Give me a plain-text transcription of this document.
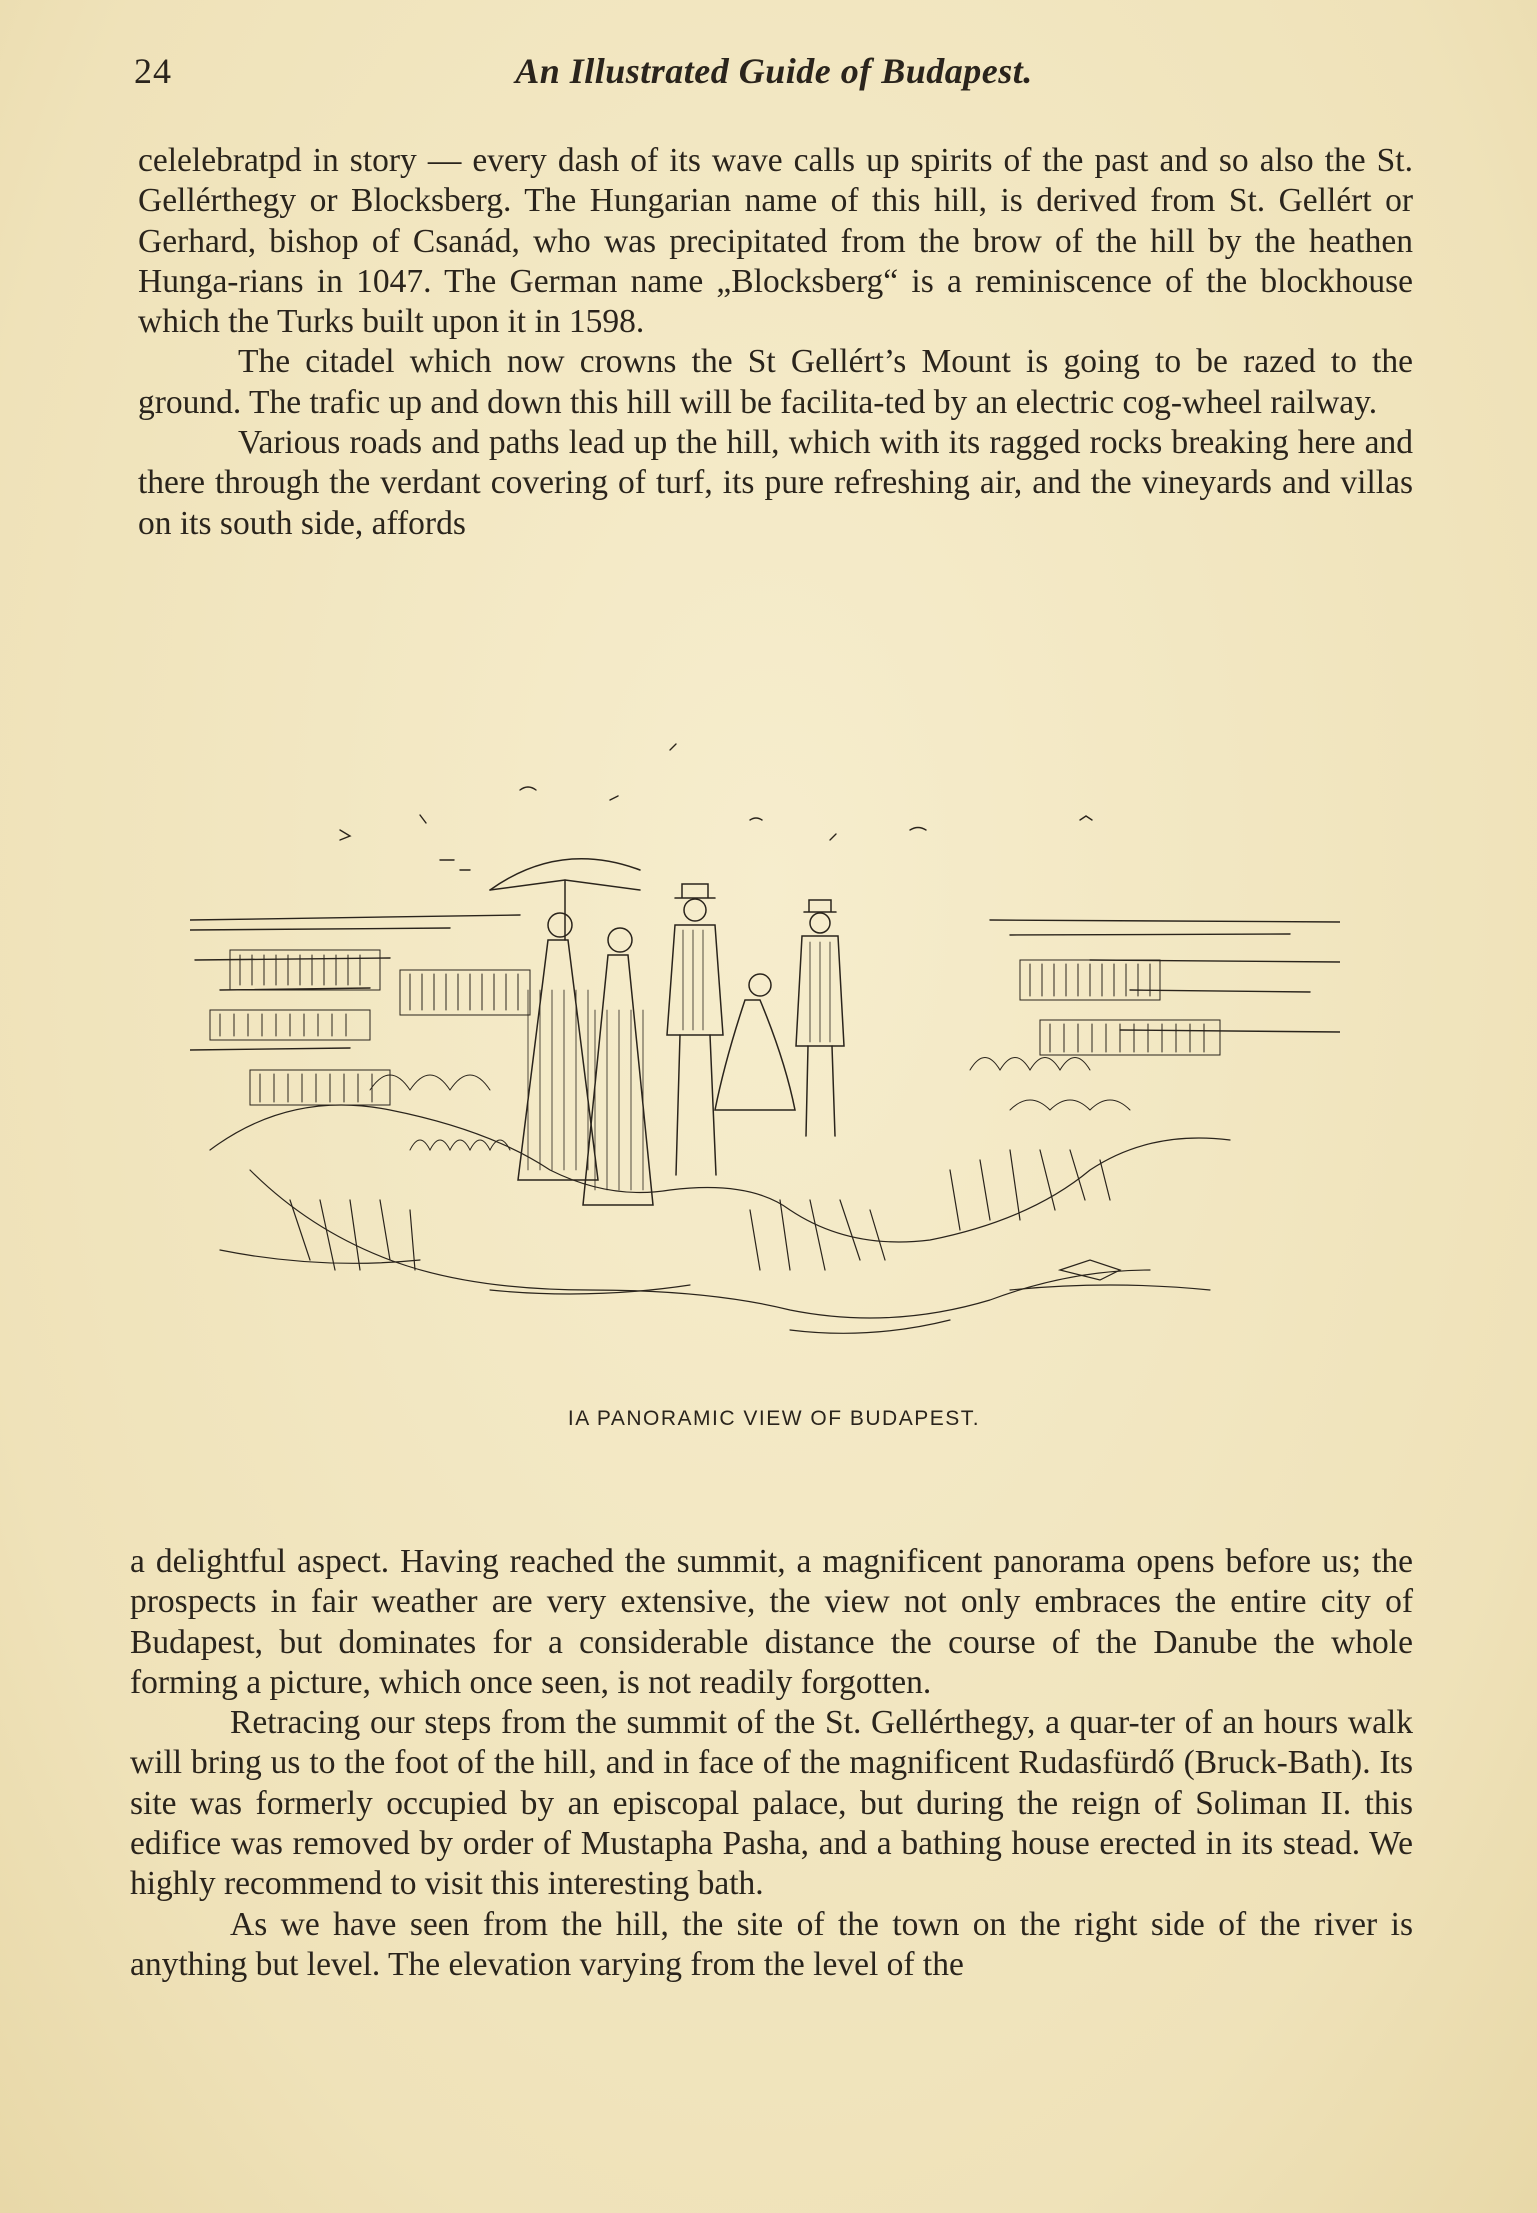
24	An Illustrated Guide of Budapest.

celelebratpd in story — every dash of its wave calls up spirits of the past and so also the St. Gellérthegy or Blocksberg. The Hungarian name of this hill, is derived from St. Gellért or Gerhard, bishop of Csanád, who was precipitated from the brow of the hill by the heathen Hunga-rians in 1047. The German name „Blocksberg“ is a reminiscence of the blockhouse which the Turks built upon it in 1598.

The citadel which now crowns the St Gellért’s Mount is going to be razed to the ground. The trafic up and down this hill will be facilita-ted by an electric cog-wheel railway.

Various roads and paths lead up the hill, which with its ragged rocks breaking here and there through the verdant covering of turf, its pure refreshing air, and the vineyards and villas on its south side, affords

IA PANORAMIC VIEW OF BUDAPEST.

a delightful aspect. Having reached the summit, a magnificent panorama opens before us; the prospects in fair weather are very extensive, the view not only embraces the entire city of Budapest, but dominates for a considerable distance the course of the Danube the whole forming a picture, which once seen, is not readily forgotten.

Retracing our steps from the summit of the St. Gellérthegy, a quar-ter of an hours walk will bring us to the foot of the hill, and in face of the magnificent Rudasfürdő (Bruck-Bath). Its site was formerly occupied by an episcopal palace, but during the reign of Soliman II. this edifice was removed by order of Mustapha Pasha, and a bathing house erected in its stead. We highly recommend to visit this interesting bath.

As we have seen from the hill, the site of the town on the right side of the river is anything but level. The elevation varying from the level of the
